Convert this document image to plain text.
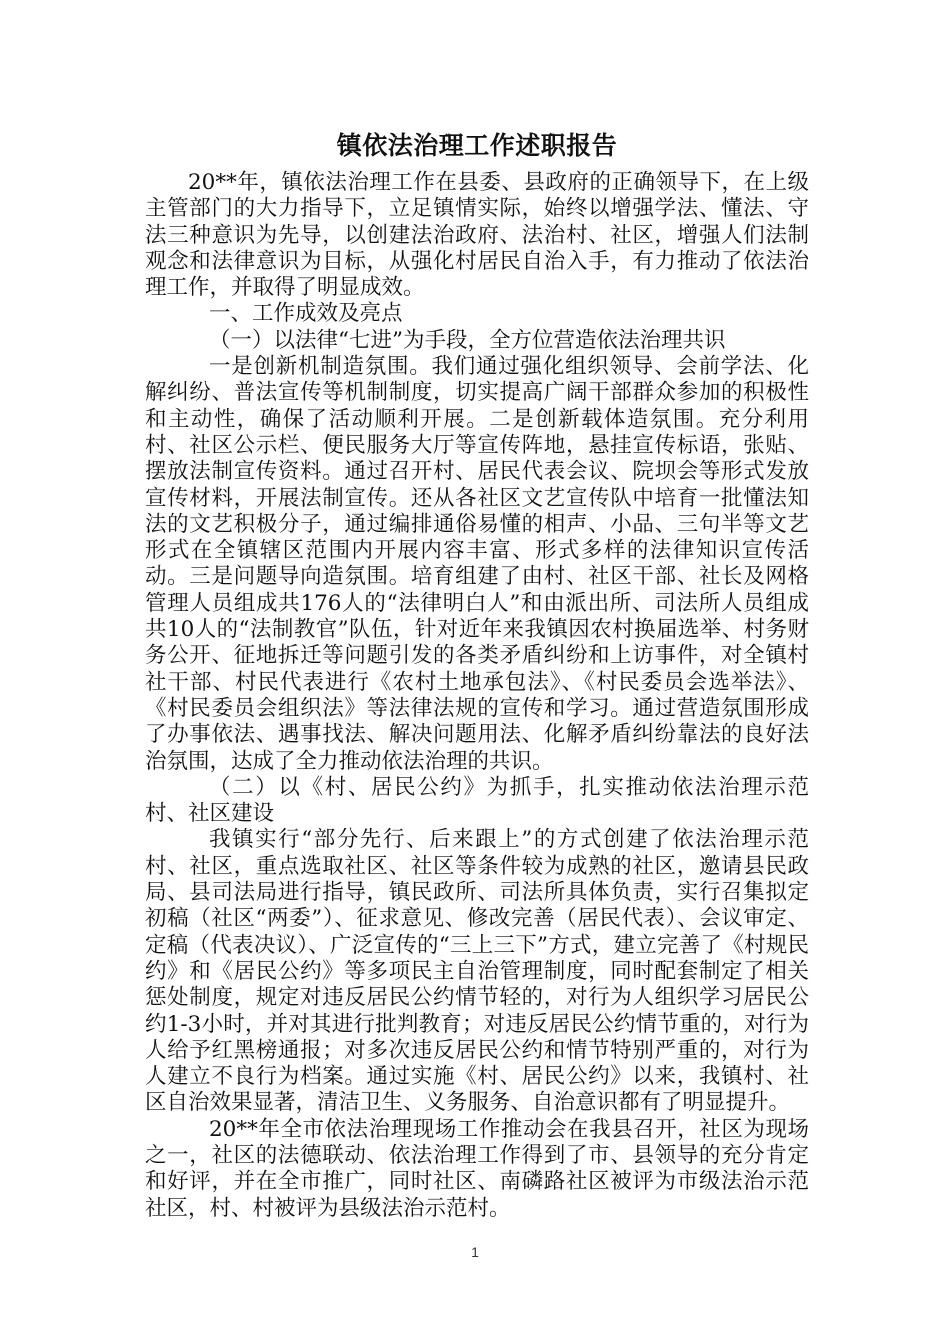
镇依法治理工作述职报告

20**年，镇依法治理工作在县委、县政府的正确领导下，在上级主管部门的大力指导下，立足镇情实际，始终以增强学法、懂法、守法三种意识为先导，以创建法治政府、法治村、社区，增强人们法制观念和法律意识为目标，从强化村居民自治入手，有力推动了依法治理工作，并取得了明显成效。

一、工作成效及亮点

（一）以法律“七进”为手段，全方位营造依法治理共识

一是创新机制造氛围。我们通过强化组织领导、会前学法、化解纠纷、普法宣传等机制制度，切实提高广阔干部群众参加的积极性和主动性，确保了活动顺利开展。二是创新载体造氛围。充分利用村、社区公示栏、便民服务大厅等宣传阵地，悬挂宣传标语，张贴、摆放法制宣传资料。通过召开村、居民代表会议、院坝会等形式发放宣传材料，开展法制宣传。还从各社区文艺宣传队中培育一批懂法知法的文艺积极分子，通过编排通俗易懂的相声、小品、三句半等文艺形式在全镇辖区范围内开展内容丰富、形式多样的法律知识宣传活动。三是问题导向造氛围。培育组建了由村、社区干部、社长及网格管理人员组成共176人的“法律明白人”和由派出所、司法所人员组成共10人的“法制教官”队伍，针对近年来我镇因农村换届选举、村务财务公开、征地拆迁等问题引发的各类矛盾纠纷和上访事件，对全镇村社干部、村民代表进行《农村土地承包法》、《村民委员会选举法》、《村民委员会组织法》等法律法规的宣传和学习。通过营造氛围形成了办事依法、遇事找法、解决问题用法、化解矛盾纠纷靠法的良好法治氛围，达成了全力推动依法治理的共识。

（二）以《村、居民公约》为抓手，扎实推动依法治理示范村、社区建设

我镇实行“部分先行、后来跟上”的方式创建了依法治理示范村、社区，重点选取社区、社区等条件较为成熟的社区，邀请县民政局、县司法局进行指导，镇民政所、司法所具体负责，实行召集拟定初稿（社区“两委”）、征求意见、修改完善（居民代表）、会议审定、定稿（代表决议）、广泛宣传的“三上三下”方式，建立完善了《村规民约》和《居民公约》等多项民主自治管理制度，同时配套制定了相关惩处制度，规定对违反居民公约情节轻的，对行为人组织学习居民公约1-3小时，并对其进行批判教育；对违反居民公约情节重的，对行为人给予红黑榜通报；对多次违反居民公约和情节特别严重的，对行为人建立不良行为档案。通过实施《村、居民公约》以来，我镇村、社区自治效果显著，清洁卫生、义务服务、自治意识都有了明显提升。

20**年全市依法治理现场工作推动会在我县召开，社区为现场之一，社区的法德联动、依法治理工作得到了市、县领导的充分肯定和好评，并在全市推广，同时社区、南磷路社区被评为市级法治示范社区，村、村被评为县级法治示范村。

1
